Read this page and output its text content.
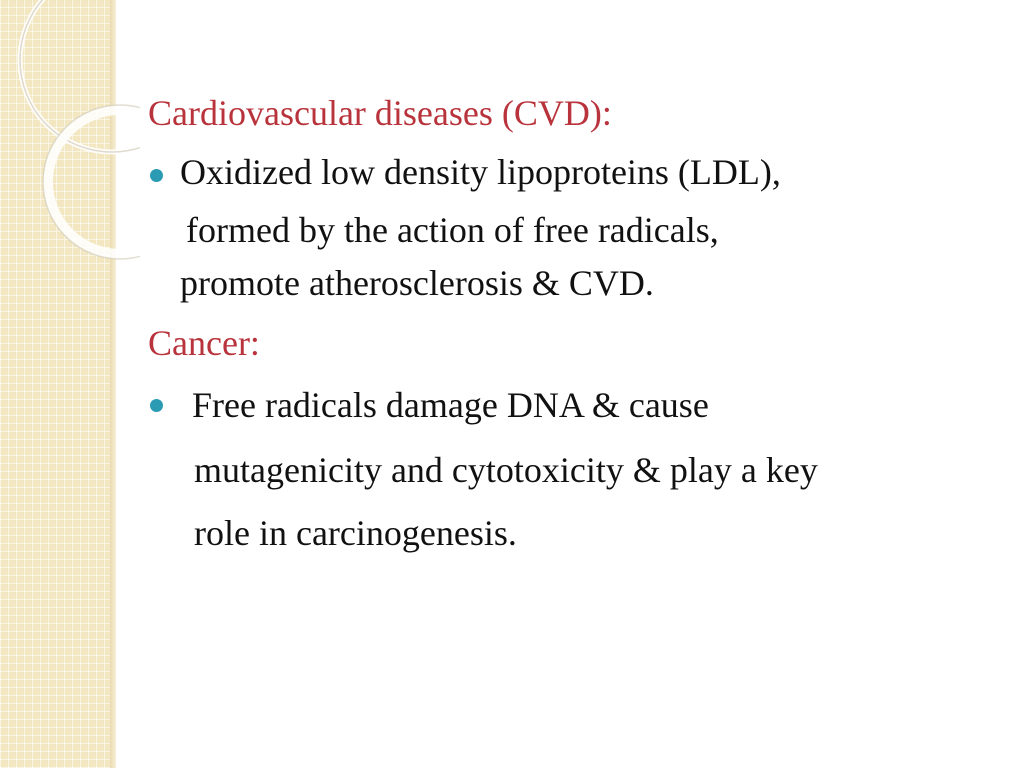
Cardiovascular diseases (CVD):

Oxidized low density lipoproteins (LDL),
formed by the action of free radicals,
promote atherosclerosis & CVD.

Cancer:

Free radicals damage DNA & cause
mutagenicity and cytotoxicity & play a key
role in carcinogenesis.
